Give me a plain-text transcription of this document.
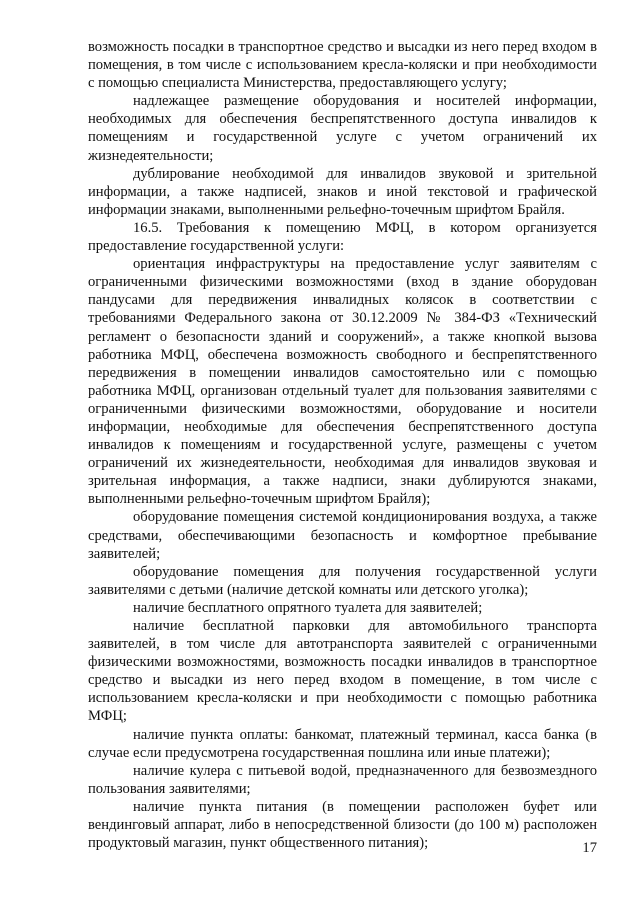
возможность посадки в транспортное средство и высадки из него перед входом в помещения, в том числе с использованием кресла-коляски и при необходимости с помощью специалиста Министерства, предоставляющего услугу;

надлежащее размещение оборудования и носителей информации, необходимых для обеспечения беспрепятственного доступа инвалидов к помещениям и государственной услуге с учетом ограничений их жизнедеятельности;

дублирование необходимой для инвалидов звуковой и зрительной информации, а также надписей, знаков и иной текстовой и графической информации знаками, выполненными рельефно-точечным шрифтом Брайля.

16.5. Требования к помещению МФЦ, в котором организуется предоставление государственной услуги:

ориентация инфраструктуры на предоставление услуг заявителям с ограниченными физическими возможностями (вход в здание оборудован пандусами для передвижения инвалидных колясок в соответствии с требованиями Федерального закона от 30.12.2009 № 384-ФЗ «Технический регламент о безопасности зданий и сооружений», а также кнопкой вызова работника МФЦ, обеспечена возможность свободного и беспрепятственного передвижения в помещении инвалидов самостоятельно или с помощью работника МФЦ, организован отдельный туалет для пользования заявителями с ограниченными физическими возможностями, оборудование и носители информации, необходимые для обеспечения беспрепятственного доступа инвалидов к помещениям и государственной услуге, размещены с учетом ограничений их жизнедеятельности, необходимая для инвалидов звуковая и зрительная информация, а также надписи, знаки дублируются знаками, выполненными рельефно-точечным шрифтом Брайля);

оборудование помещения системой кондиционирования воздуха, а также средствами, обеспечивающими безопасность и комфортное пребывание заявителей;

оборудование помещения для получения государственной услуги заявителями с детьми (наличие детской комнаты или детского уголка);

наличие бесплатного опрятного туалета для заявителей;

наличие бесплатной парковки для автомобильного транспорта заявителей, в том числе для автотранспорта заявителей с ограниченными физическими возможностями, возможность посадки инвалидов в транспортное средство и высадки из него перед входом в помещение, в том числе с использованием кресла-коляски и при необходимости с помощью работника МФЦ;

наличие пункта оплаты: банкомат, платежный терминал, касса банка (в случае если предусмотрена государственная пошлина или иные платежи);

наличие кулера с питьевой водой, предназначенного для безвозмездного пользования заявителями;

наличие пункта питания (в помещении расположен буфет или вендинговый аппарат, либо в непосредственной близости (до 100 м) расположен продуктовый магазин, пункт общественного питания);	17
